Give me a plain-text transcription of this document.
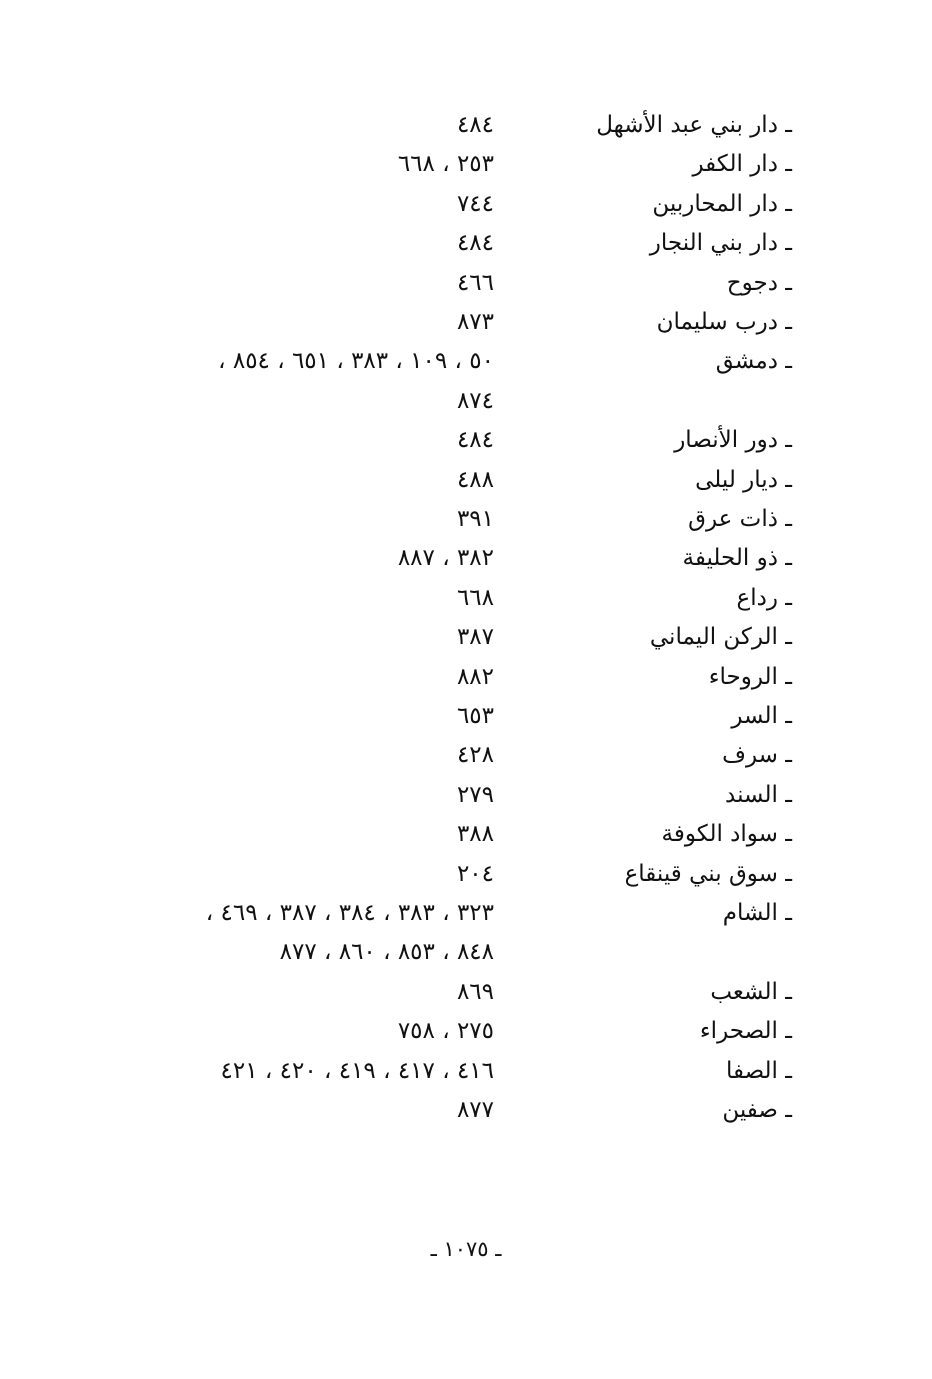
ـ دار بني عبد الأشهل
٤٨٤
ـ دار الكفر
٢٥٣ ، ٦٦٨
ـ دار المحاربين
٧٤٤
ـ دار بني النجار
٤٨٤
ـ دجوح
٤٦٦
ـ درب سليمان
٨٧٣
ـ دمشق
٥٠ ، ١٠٩ ، ٣٨٣ ، ٦٥١ ، ٨٥٤ ،
٨٧٤
ـ دور الأنصار
٤٨٤
ـ ديار ليلى
٤٨٨
ـ ذات عرق
٣٩١
ـ ذو الحليفة
٣٨٢ ، ٨٨٧
ـ رداع
٦٦٨
ـ الركن اليماني
٣٨٧
ـ الروحاء
٨٨٢
ـ السر
٦٥٣
ـ سرف
٤٢٨
ـ السند
٢٧٩
ـ سواد الكوفة
٣٨٨
ـ سوق بني قينقاع
٢٠٤
ـ الشام
٣٢٣ ، ٣٨٣ ، ٣٨٤ ، ٣٨٧ ، ٤٦٩ ،
٨٤٨ ، ٨٥٣ ، ٨٦٠ ، ٨٧٧
ـ الشعب
٨٦٩
ـ الصحراء
٢٧٥ ، ٧٥٨
ـ الصفا
٤١٦ ، ٤١٧ ، ٤١٩ ، ٤٢٠ ، ٤٢١
ـ صفين
٨٧٧
ـ ١٠٧٥ ـ
